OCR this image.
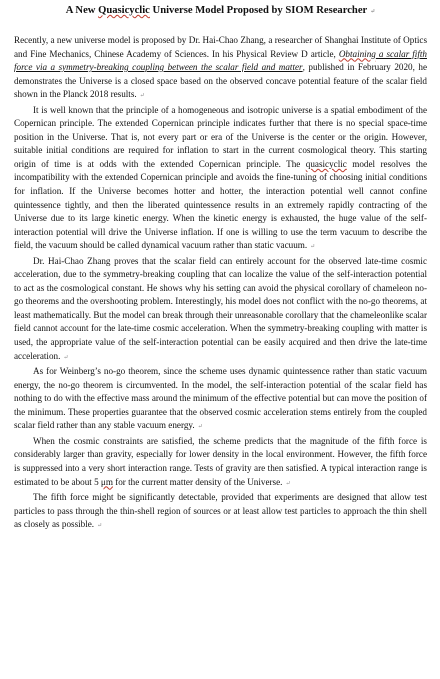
A New Quasicyclic Universe Model Proposed by SIOM Researcher ↵

Recently, a new universe model is proposed by Dr. Hai-Chao Zhang, a researcher of Shanghai Institute of Optics and Fine Mechanics, Chinese Academy of Sciences. In his Physical Review D article, Obtaining a scalar fifth force via a symmetry-breaking coupling between the scalar field and matter, published in February 2020, he demonstrates the Universe is a closed space based on the observed concave potential feature of the scalar field shown in the Planck 2018 results. ↵

It is well known that the principle of a homogeneous and isotropic universe is a spatial embodiment of the Copernican principle. The extended Copernican principle indicates further that there is no special space-time position in the Universe. That is, not every part or era of the Universe is the center or the origin. However, suitable initial conditions are required for inflation to start in the current cosmological theory. This starting origin of time is at odds with the extended Copernican principle. The quasicyclic model resolves the incompatibility with the extended Copernican principle and avoids the fine-tuning of choosing initial conditions for inflation. If the Universe becomes hotter and hotter, the interaction potential well cannot confine quintessence tightly, and then the liberated quintessence results in an extremely rapidly contracting of the Universe due to its large kinetic energy. When the kinetic energy is exhausted, the huge value of the self-interaction potential will drive the Universe inflation. If one is willing to use the term vacuum to describe the field, the vacuum should be called dynamical vacuum rather than static vacuum. ↵

Dr. Hai-Chao Zhang proves that the scalar field can entirely account for the observed late-time cosmic acceleration, due to the symmetry-breaking coupling that can localize the value of the self-interaction potential to act as the cosmological constant. He shows why his setting can avoid the physical corollary of chameleon no-go theorems and the overshooting problem. Interestingly, his model does not conflict with the no-go theorems, at least mathematically. But the model can break through their unreasonable corollary that the chameleonlike scalar field cannot account for the late-time cosmic acceleration. When the symmetry-breaking coupling with matter is used, the appropriate value of the self-interaction potential can be easily acquired and then drive the late-time acceleration. ↵

As for Weinberg’s no-go theorem, since the scheme uses dynamic quintessence rather than static vacuum energy, the no-go theorem is circumvented. In the model, the self-interaction potential of the scalar field has nothing to do with the effective mass around the minimum of the effective potential but can move the position of the minimum. These properties guarantee that the observed cosmic acceleration stems entirely from the coupled scalar field rather than any stable vacuum energy. ↵

When the cosmic constraints are satisfied, the scheme predicts that the magnitude of the fifth force is considerably larger than gravity, especially for lower density in the local environment. However, the fifth force is suppressed into a very short interaction range. Tests of gravity are then satisfied. A typical interaction range is estimated to be about 5 μm for the current matter density of the Universe. ↵

The fifth force might be significantly detectable, provided that experiments are designed that allow test particles to pass through the thin-shell region of sources or at least allow test particles to approach the thin shell as closely as possible. ↵
